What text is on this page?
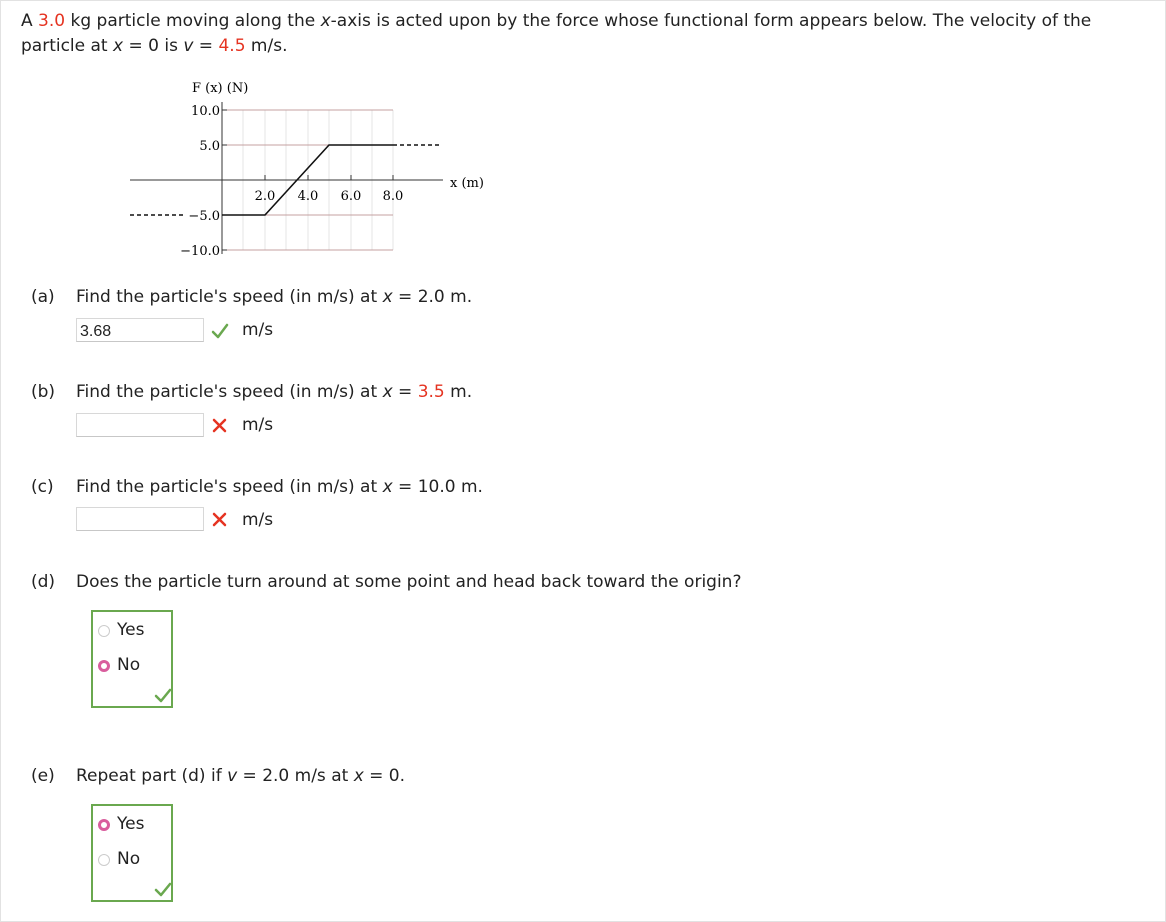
A 3.0 kg particle moving along the x-axis is acted upon by the force whose functional form appears below. The velocity of the particle at x = 0 is v = 4.5 m/s.
F (x) (N)
x (m)
10.0
5.0
−5.0
−10.0
2.0 4.0 6.0 8.0
(a) Find the particle's speed (in m/s) at x = 2.0 m.
3.68
m/s
(b) Find the particle's speed (in m/s) at x = 3.5 m.
m/s
(c) Find the particle's speed (in m/s) at x = 10.0 m.
m/s
(d) Does the particle turn around at some point and head back toward the origin?
Yes
No
(e) Repeat part (d) if v = 2.0 m/s at x = 0.
Yes
No
